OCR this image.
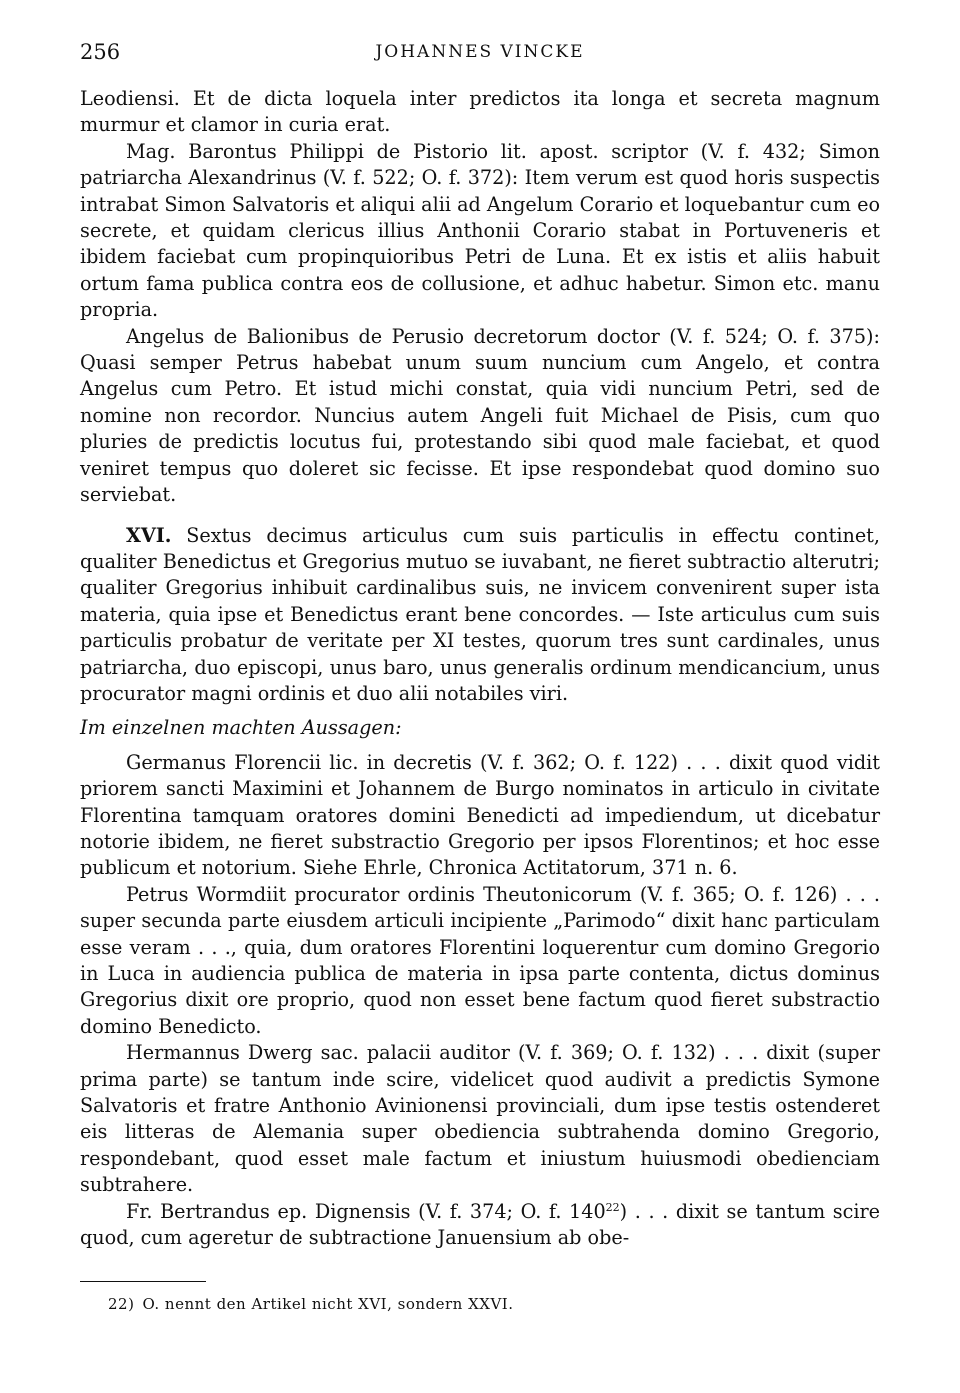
256	JOHANNES VINCKE

Leodiensi. Et de dicta loquela inter predictos ita longa et secreta magnum murmur et clamor in curia erat.

Mag. Barontus Philippi de Pistorio lit. apost. scriptor (V. f. 432; Simon patriarcha Alexandrinus (V. f. 522; O. f. 372): Item verum est quod horis suspectis intrabat Simon Salvatoris et aliqui alii ad Angelum Corario et loquebantur cum eo secrete, et quidam clericus illius Anthonii Corario stabat in Portuveneris et ibidem faciebat cum propinquioribus Petri de Luna. Et ex istis et aliis habuit ortum fama publica contra eos de collusione, et adhuc habetur. Simon etc. manu propria.

Angelus de Balionibus de Perusio decretorum doctor (V. f. 524; O. f. 375): Quasi semper Petrus habebat unum suum nuncium cum Angelo, et contra Angelus cum Petro. Et istud michi constat, quia vidi nuncium Petri, sed de nomine non recordor. Nuncius autem Angeli fuit Michael de Pisis, cum quo pluries de predictis locutus fui, protestando sibi quod male faciebat, et quod veniret tempus quo doleret sic fecisse. Et ipse respondebat quod domino suo serviebat.

XVI. Sextus decimus articulus cum suis particulis in effectu continet, qualiter Benedictus et Gregorius mutuo se iuvabant, ne fieret subtractio alterutri; qualiter Gregorius inhibuit cardinalibus suis, ne invicem convenirent super ista materia, quia ipse et Benedictus erant bene concordes. — Iste articulus cum suis particulis probatur de veritate per XI testes, quorum tres sunt cardinales, unus patriarcha, duo episcopi, unus baro, unus generalis ordinum mendicancium, unus procurator magni ordinis et duo alii notabiles viri.

Im einzelnen machten Aussagen:

Germanus Florencii lic. in decretis (V. f. 362; O. f. 122) . . . dixit quod vidit priorem sancti Maximini et Johannem de Burgo nominatos in articulo in civitate Florentina tamquam oratores domini Benedicti ad impediendum, ut dicebatur notorie ibidem, ne fieret substractio Gregorio per ipsos Florentinos; et hoc esse publicum et notorium. Siehe Ehrle, Chronica Actitatorum, 371 n. 6.

Petrus Wormdiit procurator ordinis Theutonicorum (V. f. 365; O. f. 126) . . . super secunda parte eiusdem articuli incipiente „Parimodo“ dixit hanc particulam esse veram . . ., quia, dum oratores Florentini loquerentur cum domino Gregorio in Luca in audiencia publica de materia in ipsa parte contenta, dictus dominus Gregorius dixit ore proprio, quod non esset bene factum quod fieret substractio domino Benedicto.

Hermannus Dwerg sac. palacii auditor (V. f. 369; O. f. 132) . . . dixit (super prima parte) se tantum inde scire, videlicet quod audivit a predictis Symone Salvatoris et fratre Anthonio Avinionensi provinciali, dum ipse testis ostenderet eis litteras de Alemania super obediencia subtrahenda domino Gregorio, respondebant, quod esset male factum et iniustum huiusmodi obedienciam subtrahere.

Fr. Bertrandus ep. Dignensis (V. f. 374; O. f. $140^{22}$) . . . dixit se tantum scire quod, cum ageretur de subtractione Januensium ab obe-

22) O. nennt den Artikel nicht XVI, sondern XXVI.
